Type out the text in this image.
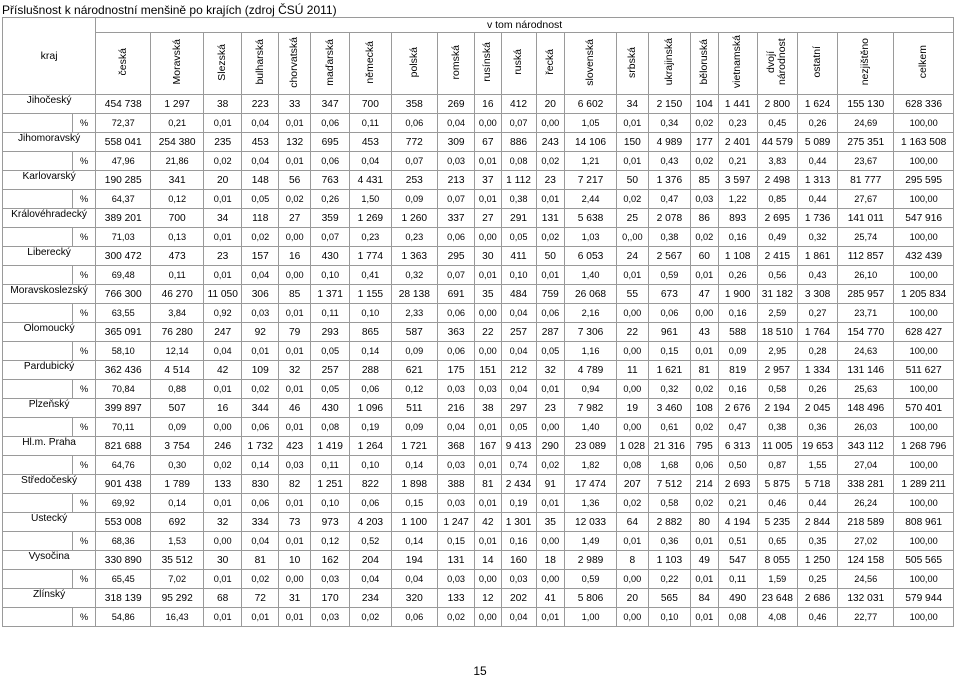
Příslušnost k národnostní menšině po krajích (zdroj ČSÚ 2011)
kraj		v tom národnost																				
		česká	Moravská	Slezská	bulharská	chorvatská	maďarská	německá	polská	romská	rusínská	ruská	řecká	slovenská	srbská	ukrajinská	běloruská	vietnamská	dvojí národnost	ostatní	nezjištěno	celkem
Jihočeský		454 738	1 297	38	223	33	347	700	358	269	16	412	20	6 602	34	2 150	104	1 441	2 800	1 624	155 130	628 336
	%	72,37	0,21	0,01	0,04	0,01	0,06	0,11	0,06	0,04	0,00	0,07	0,00	1,05	0,01	0,34	0,02	0,23	0,45	0,26	24,69	100,00
Jihomoravský		558 041	254 380	235	453	132	695	453	772	309	67	886	243	14 106	150	4 989	177	2 401	44 579	5 089	275 351	1 163 508
	%	47,96	21,86	0,02	0,04	0,01	0,06	0,04	0,07	0,03	0,01	0,08	0,02	1,21	0,01	0,43	0,02	0,21	3,83	0,44	23,67	100,00
Karlovarský		190 285	341	20	148	56	763	4 431	253	213	37	1 112	23	7 217	50	1 376	85	3 597	2 498	1 313	81 777	295 595
	%	64,37	0,12	0,01	0,05	0,02	0,26	1,50	0,09	0,07	0,01	0,38	0,01	2,44	0,02	0,47	0,03	1,22	0,85	0,44	27,67	100,00
Královéhradecký		389 201	700	34	118	27	359	1 269	1 260	337	27	291	131	5 638	25	2 078	86	893	2 695	1 736	141 011	547 916
	%	71,03	0,13	0,01	0,02	0,00	0,07	0,23	0,23	0,06	0,00	0,05	0,02	1,03	0,,00	0,38	0,02	0,16	0,49	0,32	25,74	100,00
Liberecký		300 472	473	23	157	16	430	1 774	1 363	295	30	411	50	6 053	24	2 567	60	1 108	2 415	1 861	112 857	432 439
	%	69,48	0,11	0,01	0,04	0,00	0,10	0,41	0,32	0,07	0,01	0,10	0,01	1,40	0,01	0,59	0,01	0,26	0,56	0,43	26,10	100,00
Moravskoslezský		766 300	46 270	11 050	306	85	1 371	1 155	28 138	691	35	484	759	26 068	55	673	47	1 900	31 182	3 308	285 957	1 205 834
	%	63,55	3,84	0,92	0,03	0,01	0,11	0,10	2,33	0,06	0,00	0,04	0,06	2,16	0,00	0,06	0,00	0,16	2,59	0,27	23,71	100,00
Olomoucký		365 091	76 280	247	92	79	293	865	587	363	22	257	287	7 306	22	961	43	588	18 510	1 764	154 770	628 427
	%	58,10	12,14	0,04	0,01	0,01	0,05	0,14	0,09	0,06	0,00	0,04	0,05	1,16	0,00	0,15	0,01	0,09	2,95	0,28	24,63	100,00
Pardubický		362 436	4 514	42	109	32	257	288	621	175	151	212	32	4 789	11	1 621	81	819	2 957	1 334	131 146	511 627
	%	70,84	0,88	0,01	0,02	0,01	0,05	0,06	0,12	0,03	0,03	0,04	0,01	0,94	0,00	0,32	0,02	0,16	0,58	0,26	25,63	100,00
Plzeňský		399 897	507	16	344	46	430	1 096	511	216	38	297	23	7 982	19	3 460	108	2 676	2 194	2 045	148 496	570 401
	%	70,11	0,09	0,00	0,06	0,01	0,08	0,19	0,09	0,04	0,01	0,05	0,00	1,40	0,00	0,61	0,02	0,47	0,38	0,36	26,03	100,00
Hl.m. Praha		821 688	3 754	246	1 732	423	1 419	1 264	1 721	368	167	9 413	290	23 089	1 028	21 316	795	6 313	11 005	19 653	343 112	1 268 796
	%	64,76	0,30	0,02	0,14	0,03	0,11	0,10	0,14	0,03	0,01	0,74	0,02	1,82	0,08	1,68	0,06	0,50	0,87	1,55	27,04	100,00
Středočeský		901 438	1 789	133	830	82	1 251	822	1 898	388	81	2 434	91	17 474	207	7 512	214	2 693	5 875	5 718	338 281	1 289 211
	%	69,92	0,14	0,01	0,06	0,01	0,10	0,06	0,15	0,03	0,01	0,19	0,01	1,36	0,02	0,58	0,02	0,21	0,46	0,44	26,24	100,00
Ústecký		553 008	692	32	334	73	973	4 203	1 100	1 247	42	1 301	35	12 033	64	2 882	80	4 194	5 235	2 844	218 589	808 961
	%	68,36	1,53	0,00	0,04	0,01	0,12	0,52	0,14	0,15	0,01	0,16	0,00	1,49	0,01	0,36	0,01	0,51	0,65	0,35	27,02	100,00
Vysočina		330 890	35 512	30	81	10	162	204	194	131	14	160	18	2 989	8	1 103	49	547	8 055	1 250	124 158	505 565
	%	65,45	7,02	0,01	0,02	0,00	0,03	0,04	0,04	0,03	0,00	0,03	0,00	0,59	0,00	0,22	0,01	0,11	1,59	0,25	24,56	100,00
Zlínský		318 139	95 292	68	72	31	170	234	320	133	12	202	41	5 806	20	565	84	490	23 648	2 686	132 031	579 944
	%	54,86	16,43	0,01	0,01	0,01	0,03	0,02	0,06	0,02	0,00	0,04	0,01	1,00	0,00	0,10	0,01	0,08	4,08	0,46	22,77	100,00
15
